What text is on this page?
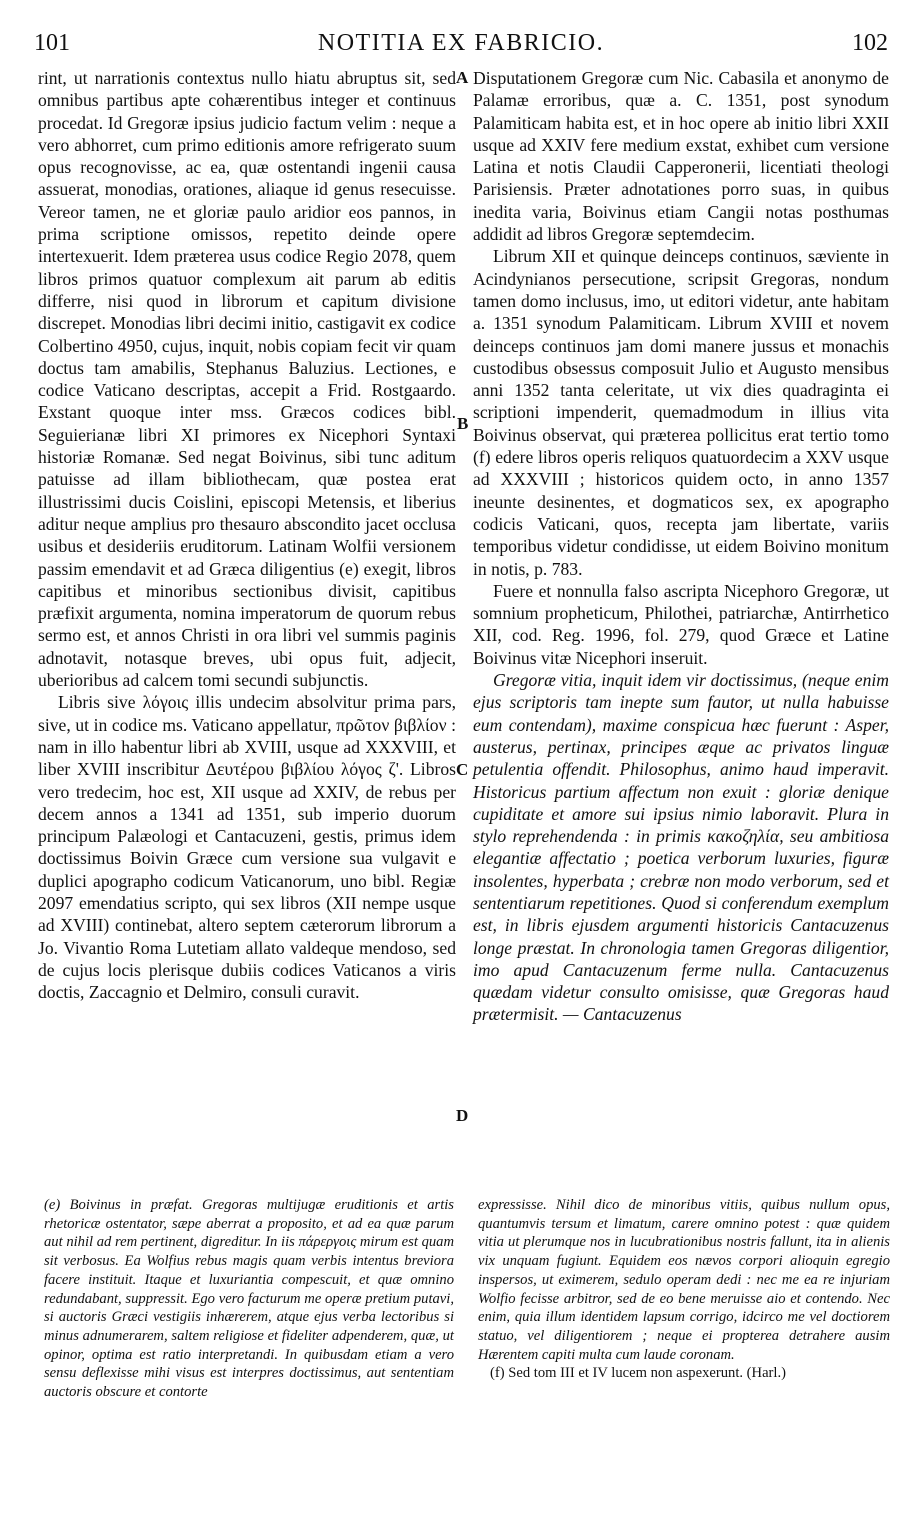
101	NOTITIA EX FABRICIO.	102

rint, ut narrationis contextus nullo hiatu abruptus sit, sed omnibus partibus apte cohærentibus integer et continuus procedat. Id Gregoræ ipsius judicio factum velim : neque a vero abhorret, cum primo editionis amore refrigerato suum opus recognovisse, ac ea, quæ ostentandi ingenii causa assuerat, monodias, orationes, aliaque id genus resecuisse. Vereor tamen, ne et gloriæ paulo aridior eos pannos, in prima scriptione omissos, repetito deinde opere intertexuerit. Idem præterea usus codice Regio 2078, quem libros primos quatuor complexum ait parum ab editis differre, nisi quod in librorum et capitum divisione discrepet. Monodias libri decimi initio, castigavit ex codice Colbertino 4950, cujus, inquit, nobis copiam fecit vir quam doctus tam amabilis, Stephanus Baluzius. Lectiones, e codice Vaticano descriptas, accepit a Frid. Rostgaardo. Exstant quoque inter mss. Græcos codices bibl. Seguierianæ libri XI primores ex Nicephori Syntaxi historiæ Romanæ. Sed negat Boivinus, sibi tunc aditum patuisse ad illam bibliothecam, quæ postea erat illustrissimi ducis Coislini, episcopi Metensis, et liberius aditur neque amplius pro thesauro abscondito jacet occlusa usibus et desideriis eruditorum. Latinam Wolfii versionem passim emendavit et ad Græca diligentius (e) exegit, libros capitibus et minoribus sectionibus divisit, capitibus præfixit argumenta, nomina imperatorum de quorum rebus sermo est, et annos Christi in ora libri vel summis paginis adnotavit, notasque breves, ubi opus fuit, adjecit, uberioribus ad calcem tomi secundi subjunctis.

Libris sive λόγοις illis undecim absolvitur prima pars, sive, ut in codice ms. Vaticano appellatur, πρῶτον βιβλίον : nam in illo habentur libri ab XVIII, usque ad XXXVIII, et liber XVIII inscribitur Δευτέρου βιβλίου λόγος ζ'. Libros vero tredecim, hoc est, XII usque ad XXIV, de rebus per decem annos a 1341 ad 1351, sub imperio duorum principum Palæologi et Cantacuzeni, gestis, primus idem doctissimus Boivin Græce cum versione sua vulgavit e duplici apographo codicum Vaticanorum, uno bibl. Regiæ 2097 emendatius scripto, qui sex libros (XII nempe usque ad XVIII) continebat, altero septem cæterorum librorum a Jo. Vivantio Roma Lutetiam allato valdeque mendoso, sed de cujus locis plerisque dubiis codices Vaticanos a viris doctis, Zaccagnio et Delmiro, consuli curavit.

A
B
C
D

Disputationem Gregoræ cum Nic. Cabasila et anonymo de Palamæ erroribus, quæ a. C. 1351, post synodum Palamiticam habita est, et in hoc opere ab initio libri XXII usque ad XXIV fere medium exstat, exhibet cum versione Latina et notis Claudii Capperonerii, licentiati theologi Parisiensis. Præter adnotationes porro suas, in quibus inedita varia, Boivinus etiam Cangii notas posthumas addidit ad libros Gregoræ septemdecim.

Librum XII et quinque deinceps continuos, sæviente in Acindynianos persecutione, scripsit Gregoras, nondum tamen domo inclusus, imo, ut editori videtur, ante habitam a. 1351 synodum Palamiticam. Librum XVIII et novem deinceps continuos jam domi manere jussus et monachis custodibus obsessus composuit Julio et Augusto mensibus anni 1352 tanta celeritate, ut vix dies quadraginta ei scriptioni impenderit, quemadmodum in illius vita Boivinus observat, qui præterea pollicitus erat tertio tomo (f) edere libros operis reliquos quatuordecim a XXV usque ad XXXVIII ; historicos quidem octo, in anno 1357 ineunte desinentes, et dogmaticos sex, ex apographo codicis Vaticani, quos, recepta jam libertate, variis temporibus videtur condidisse, ut eidem Boivino monitum in notis, p. 783.

Fuere et nonnulla falso ascripta Nicephoro Gregoræ, ut somnium propheticum, Philothei, patriarchæ, Antirrhetico XII, cod. Reg. 1996, fol. 279, quod Græce et Latine Boivinus vitæ Nicephori inseruit.

Gregoræ vitia, inquit idem vir doctissimus, (neque enim ejus scriptoris tam inepte sum fautor, ut nulla habuisse eum contendam), maxime conspicua hæc fuerunt : Asper, austerus, pertinax, principes æque ac privatos linguæ petulentia offendit. Philosophus, animo haud imperavit. Historicus partium affectum non exuit : gloriæ denique cupiditate et amore sui ipsius nimio laboravit. Plura in stylo reprehendenda : in primis κακοζηλία, seu ambitiosa elegantiæ affectatio ; poetica verborum luxuries, figuræ insolentes, hyperbata ; crebræ non modo verborum, sed et sententiarum repetitiones. Quod si conferendum exemplum est, in libris ejusdem argumenti historicis Cantacuzenus longe præstat. In chronologia tamen Gregoras diligentior, imo apud Cantacuzenum ferme nulla. Cantacuzenus quædam videtur consulto omisisse, quæ Gregoras haud prætermisit. — Cantacuzenus

(e) Boivinus in præfat. Gregoras multijugæ eruditionis et artis rhetoricæ ostentator, sæpe aberrat a proposito, et ad ea quæ parum aut nihil ad rem pertinent, digreditur. In iis πάρεργοις mirum est quam sit verbosus. Ea Wolfius rebus magis quam verbis intentus breviora facere instituit. Itaque et luxuriantia compescuit, et quæ omnino redundabant, suppressit. Ego vero facturum me operæ pretium putavi, si auctoris Græci vestigiis inhærerem, atque ejus verba lectoribus si minus adnumerarem, saltem religiose et fideliter adpenderem, quæ, ut opinor, optima est ratio interpretandi. In quibusdam etiam a vero sensu deflexisse mihi visus est interpres doctissimus, aut sententiam auctoris obscure et contorte

expressisse. Nihil dico de minoribus vitiis, quibus nullum opus, quantumvis tersum et limatum, carere omnino potest : quæ quidem vitia ut plerumque nos in lucubrationibus nostris fallunt, ita in alienis vix unquam fugiunt. Equidem eos nævos corpori alioquin egregio inspersos, ut eximerem, sedulo operam dedi : nec me ea re injuriam Wolfio fecisse arbitror, sed de eo bene meruisse aio et contendo. Nec enim, quia illum identidem lapsum corrigo, idcirco me vel doctiorem statuo, vel diligentiorem ; neque ei propterea detrahere ausim Hærentem capiti multa cum laude coronam.

(f) Sed tom III et IV lucem non aspexerunt. (Harl.)
